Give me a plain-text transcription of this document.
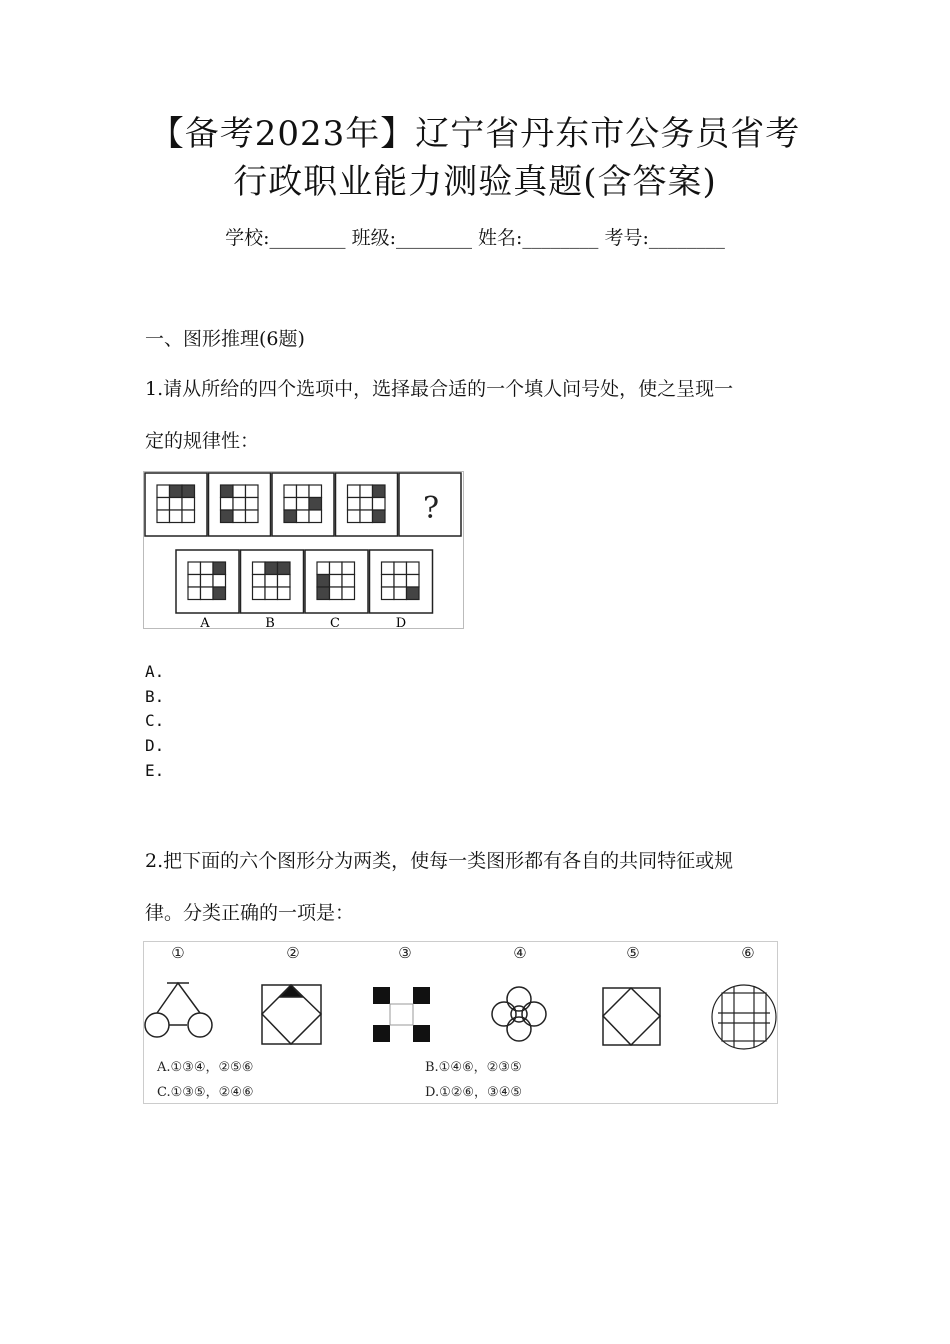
【备考2023年】辽宁省丹东市公务员省考
行政职业能力测验真题(含答案)
学校:________ 班级:________ 姓名:________ 考号:________
一、图形推理(6题)
1.请从所给的四个选项中，选择最合适的一个填人问号处，使之呈现一
定的规律性：
?
A	B	C	D
A.
B.
C.
D.
E.
2.把下面的六个图形分为两类，使每一类图形都有各自的共同特征或规
律。分类正确的一项是：
①	②	③	④	⑤	⑥
A.①③④，②⑤⑥	B.①④⑥，②③⑤
C.①③⑤，②④⑥	D.①②⑥，③④⑤
